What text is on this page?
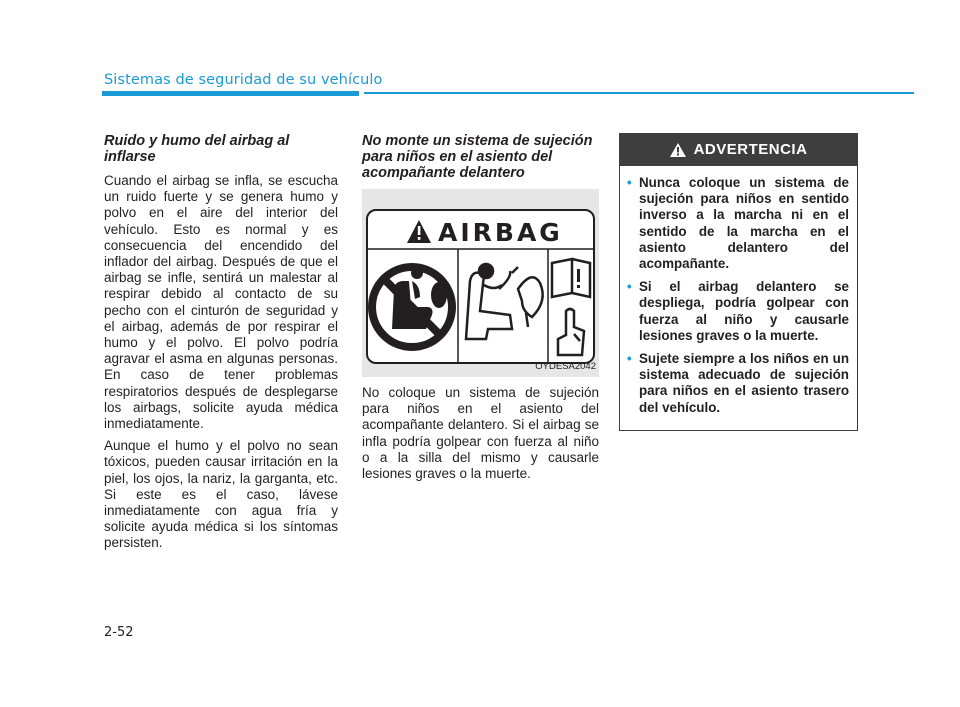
Sistemas de seguridad de su vehículo
Ruido y humo del airbag al inflarse

Cuando el airbag se infla, se escucha un ruido fuerte y se genera humo y polvo en el aire del interior del vehículo. Esto es normal y es consecuencia del encendido del inflador del airbag. Después de que el airbag se infle, sentirá un malestar al respirar debido al contacto de su pecho con el cinturón de seguridad y el airbag, además de por respirar el humo y el polvo. El polvo podría agravar el asma en algunas personas. En caso de tener problemas respiratorios después de desplegarse los airbags, solicite ayuda médica inmediatamente.

Aunque el humo y el polvo no sean tóxicos, pueden causar irritación en la piel, los ojos, la nariz, la garganta, etc. Si este es el caso, lávese inmediatamente con agua fría y solicite ayuda médica si los síntomas persisten.

No monte un sistema de sujeción para niños en el asiento del acompañante delantero
AIRBAG
OYDESA2042

No coloque un sistema de sujeción para niños en el asiento del acompañante delantero. Si el airbag se infla podría golpear con fuerza al niño o a la silla del mismo y causarle lesiones graves o la muerte.

ADVERTENCIA
• Nunca coloque un sistema de sujeción para niños en sentido inverso a la marcha ni en el sentido de la marcha en el asiento delantero del acompañante.
• Si el airbag delantero se despliega, podría golpear con fuerza al niño y causarle lesiones graves o la muerte.
• Sujete siempre a los niños en un sistema adecuado de sujeción para niños en el asiento trasero del vehículo.
2-52
